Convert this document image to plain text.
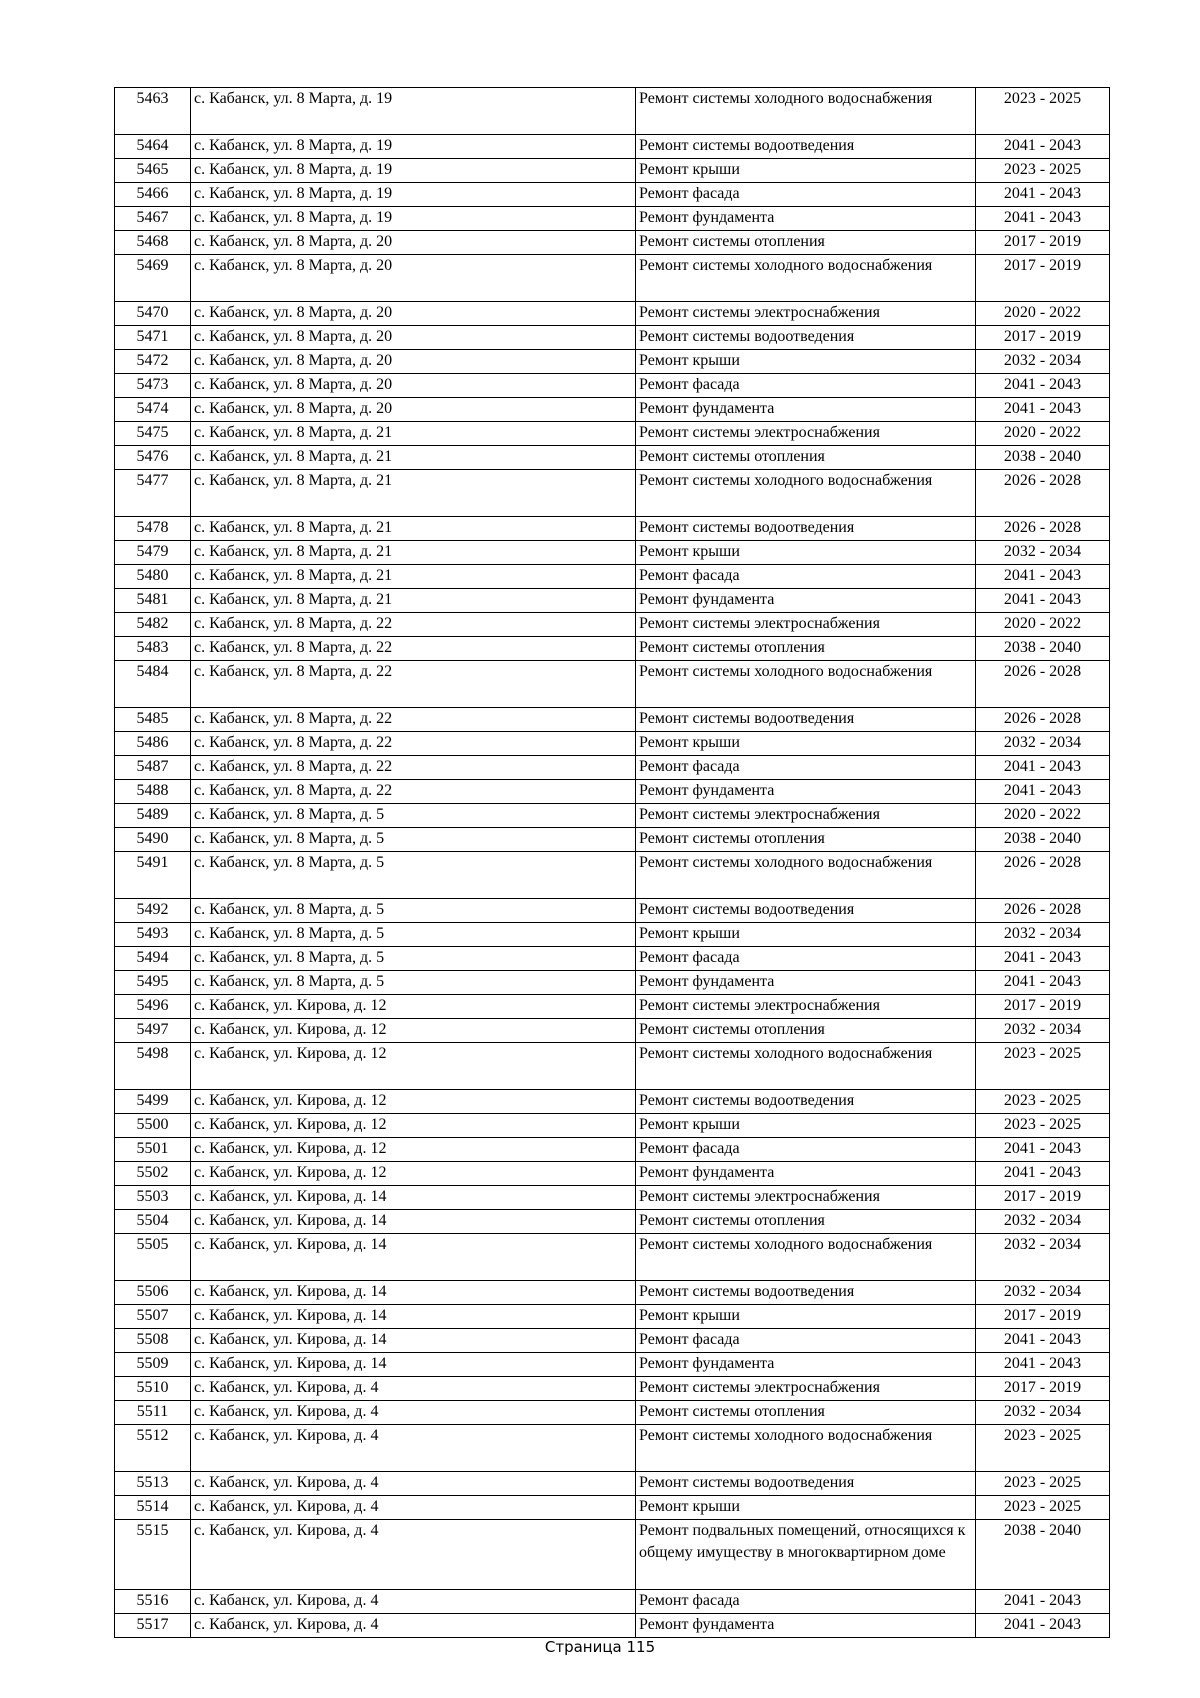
5463	с. Кабанск, ул. 8 Марта, д. 19	Ремонт системы холодного водоснабжения	2023 - 2025
5464	с. Кабанск, ул. 8 Марта, д. 19	Ремонт системы водоотведения	2041 - 2043
5465	с. Кабанск, ул. 8 Марта, д. 19	Ремонт крыши	2023 - 2025
5466	с. Кабанск, ул. 8 Марта, д. 19	Ремонт фасада	2041 - 2043
5467	с. Кабанск, ул. 8 Марта, д. 19	Ремонт фундамента	2041 - 2043
5468	с. Кабанск, ул. 8 Марта, д. 20	Ремонт системы отопления	2017 - 2019
5469	с. Кабанск, ул. 8 Марта, д. 20	Ремонт системы холодного водоснабжения	2017 - 2019
5470	с. Кабанск, ул. 8 Марта, д. 20	Ремонт системы электроснабжения	2020 - 2022
5471	с. Кабанск, ул. 8 Марта, д. 20	Ремонт системы водоотведения	2017 - 2019
5472	с. Кабанск, ул. 8 Марта, д. 20	Ремонт крыши	2032 - 2034
5473	с. Кабанск, ул. 8 Марта, д. 20	Ремонт фасада	2041 - 2043
5474	с. Кабанск, ул. 8 Марта, д. 20	Ремонт фундамента	2041 - 2043
5475	с. Кабанск, ул. 8 Марта, д. 21	Ремонт системы электроснабжения	2020 - 2022
5476	с. Кабанск, ул. 8 Марта, д. 21	Ремонт системы отопления	2038 - 2040
5477	с. Кабанск, ул. 8 Марта, д. 21	Ремонт системы холодного водоснабжения	2026 - 2028
5478	с. Кабанск, ул. 8 Марта, д. 21	Ремонт системы водоотведения	2026 - 2028
5479	с. Кабанск, ул. 8 Марта, д. 21	Ремонт крыши	2032 - 2034
5480	с. Кабанск, ул. 8 Марта, д. 21	Ремонт фасада	2041 - 2043
5481	с. Кабанск, ул. 8 Марта, д. 21	Ремонт фундамента	2041 - 2043
5482	с. Кабанск, ул. 8 Марта, д. 22	Ремонт системы электроснабжения	2020 - 2022
5483	с. Кабанск, ул. 8 Марта, д. 22	Ремонт системы отопления	2038 - 2040
5484	с. Кабанск, ул. 8 Марта, д. 22	Ремонт системы холодного водоснабжения	2026 - 2028
5485	с. Кабанск, ул. 8 Марта, д. 22	Ремонт системы водоотведения	2026 - 2028
5486	с. Кабанск, ул. 8 Марта, д. 22	Ремонт крыши	2032 - 2034
5487	с. Кабанск, ул. 8 Марта, д. 22	Ремонт фасада	2041 - 2043
5488	с. Кабанск, ул. 8 Марта, д. 22	Ремонт фундамента	2041 - 2043
5489	с. Кабанск, ул. 8 Марта, д. 5	Ремонт системы электроснабжения	2020 - 2022
5490	с. Кабанск, ул. 8 Марта, д. 5	Ремонт системы отопления	2038 - 2040
5491	с. Кабанск, ул. 8 Марта, д. 5	Ремонт системы холодного водоснабжения	2026 - 2028
5492	с. Кабанск, ул. 8 Марта, д. 5	Ремонт системы водоотведения	2026 - 2028
5493	с. Кабанск, ул. 8 Марта, д. 5	Ремонт крыши	2032 - 2034
5494	с. Кабанск, ул. 8 Марта, д. 5	Ремонт фасада	2041 - 2043
5495	с. Кабанск, ул. 8 Марта, д. 5	Ремонт фундамента	2041 - 2043
5496	с. Кабанск, ул. Кирова, д. 12	Ремонт системы электроснабжения	2017 - 2019
5497	с. Кабанск, ул. Кирова, д. 12	Ремонт системы отопления	2032 - 2034
5498	с. Кабанск, ул. Кирова, д. 12	Ремонт системы холодного водоснабжения	2023 - 2025
5499	с. Кабанск, ул. Кирова, д. 12	Ремонт системы водоотведения	2023 - 2025
5500	с. Кабанск, ул. Кирова, д. 12	Ремонт крыши	2023 - 2025
5501	с. Кабанск, ул. Кирова, д. 12	Ремонт фасада	2041 - 2043
5502	с. Кабанск, ул. Кирова, д. 12	Ремонт фундамента	2041 - 2043
5503	с. Кабанск, ул. Кирова, д. 14	Ремонт системы электроснабжения	2017 - 2019
5504	с. Кабанск, ул. Кирова, д. 14	Ремонт системы отопления	2032 - 2034
5505	с. Кабанск, ул. Кирова, д. 14	Ремонт системы холодного водоснабжения	2032 - 2034
5506	с. Кабанск, ул. Кирова, д. 14	Ремонт системы водоотведения	2032 - 2034
5507	с. Кабанск, ул. Кирова, д. 14	Ремонт крыши	2017 - 2019
5508	с. Кабанск, ул. Кирова, д. 14	Ремонт фасада	2041 - 2043
5509	с. Кабанск, ул. Кирова, д. 14	Ремонт фундамента	2041 - 2043
5510	с. Кабанск, ул. Кирова, д. 4	Ремонт системы электроснабжения	2017 - 2019
5511	с. Кабанск, ул. Кирова, д. 4	Ремонт системы отопления	2032 - 2034
5512	с. Кабанск, ул. Кирова, д. 4	Ремонт системы холодного водоснабжения	2023 - 2025
5513	с. Кабанск, ул. Кирова, д. 4	Ремонт системы водоотведения	2023 - 2025
5514	с. Кабанск, ул. Кирова, д. 4	Ремонт крыши	2023 - 2025
5515	с. Кабанск, ул. Кирова, д. 4	Ремонт подвальных помещений, относящихся к общему имуществу в многоквартирном доме	2038 - 2040
5516	с. Кабанск, ул. Кирова, д. 4	Ремонт фасада	2041 - 2043
5517	с. Кабанск, ул. Кирова, д. 4	Ремонт фундамента	2041 - 2043
Страница 115
